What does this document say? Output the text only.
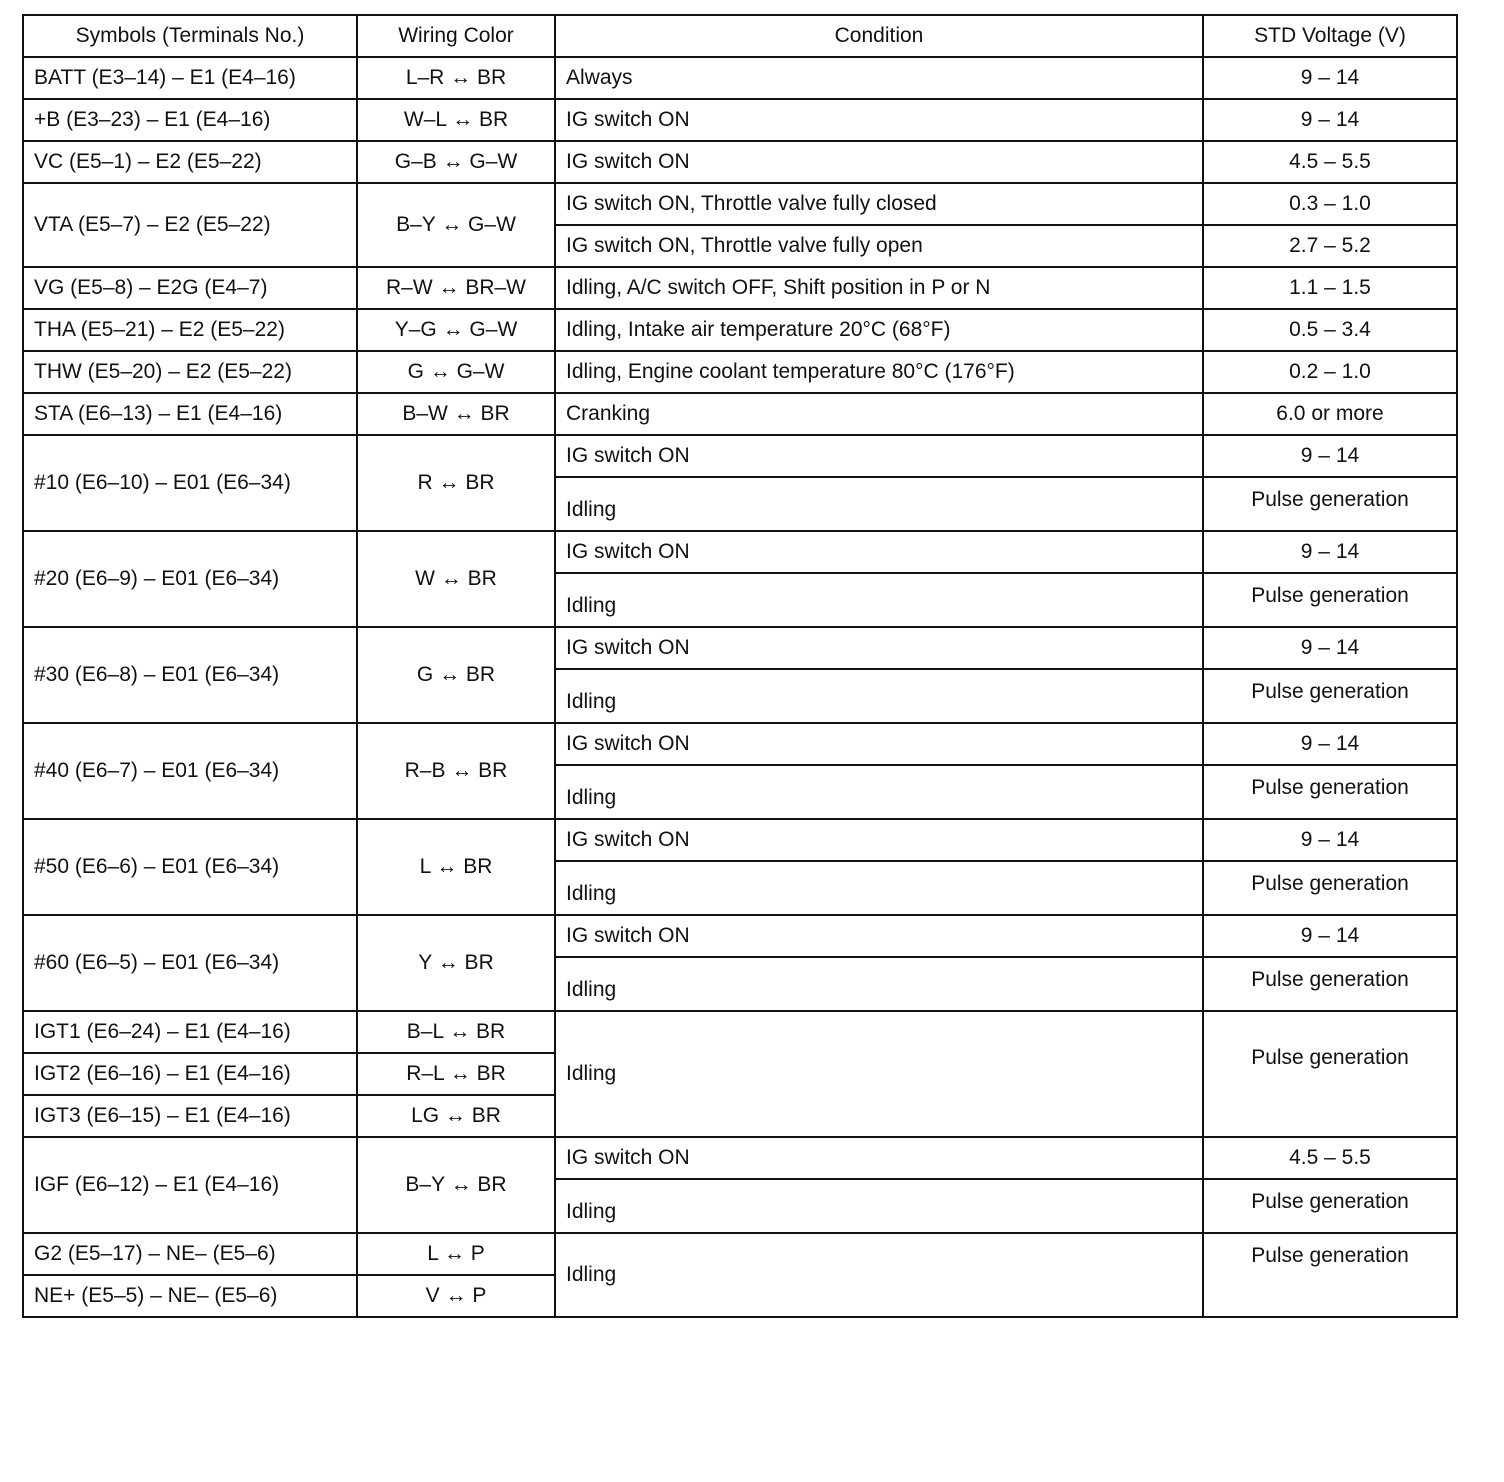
Symbols (Terminals No.)	Wiring Color	Condition	STD Voltage (V)
BATT (E3–14) – E1 (E4–16)	L–R ↔ BR	Always	9 – 14
+B (E3–23) – E1 (E4–16)	W–L ↔ BR	IG switch ON	9 – 14
VC (E5–1) – E2 (E5–22)	G–B ↔ G–W	IG switch ON	4.5 – 5.5
VTA (E5–7) – E2 (E5–22)	B–Y ↔ G–W	IG switch ON, Throttle valve fully closed	0.3 – 1.0
		IG switch ON, Throttle valve fully open	2.7 – 5.2
VG (E5–8) – E2G (E4–7)	R–W ↔ BR–W	Idling, A/C switch OFF, Shift position in P or N	1.1 – 1.5
THA (E5–21) – E2 (E5–22)	Y–G ↔ G–W	Idling, Intake air temperature 20°C (68°F)	0.5 – 3.4
THW (E5–20) – E2 (E5–22)	G ↔ G–W	Idling, Engine coolant temperature 80°C (176°F)	0.2 – 1.0
STA (E6–13) – E1 (E4–16)	B–W ↔ BR	Cranking	6.0 or more
#10 (E6–10) – E01 (E6–34)	R ↔ BR	IG switch ON	9 – 14
		Idling	Pulse generation
#20 (E6–9) – E01 (E6–34)	W ↔ BR	IG switch ON	9 – 14
		Idling	Pulse generation
#30 (E6–8) – E01 (E6–34)	G ↔ BR	IG switch ON	9 – 14
		Idling	Pulse generation
#40 (E6–7) – E01 (E6–34)	R–B ↔ BR	IG switch ON	9 – 14
		Idling	Pulse generation
#50 (E6–6) – E01 (E6–34)	L ↔ BR	IG switch ON	9 – 14
		Idling	Pulse generation
#60 (E6–5) – E01 (E6–34)	Y ↔ BR	IG switch ON	9 – 14
		Idling	Pulse generation
IGT1 (E6–24) – E1 (E4–16)	B–L ↔ BR	Idling	Pulse generation
IGT2 (E6–16) – E1 (E4–16)	R–L ↔ BR		
IGT3 (E6–15) – E1 (E4–16)	LG ↔ BR		
IGF (E6–12) – E1 (E4–16)	B–Y ↔ BR	IG switch ON	4.5 – 5.5
		Idling	Pulse generation
G2 (E5–17) – NE– (E5–6)	L ↔ P	Idling	Pulse generation
NE+ (E5–5) – NE– (E5–6)	V ↔ P		
